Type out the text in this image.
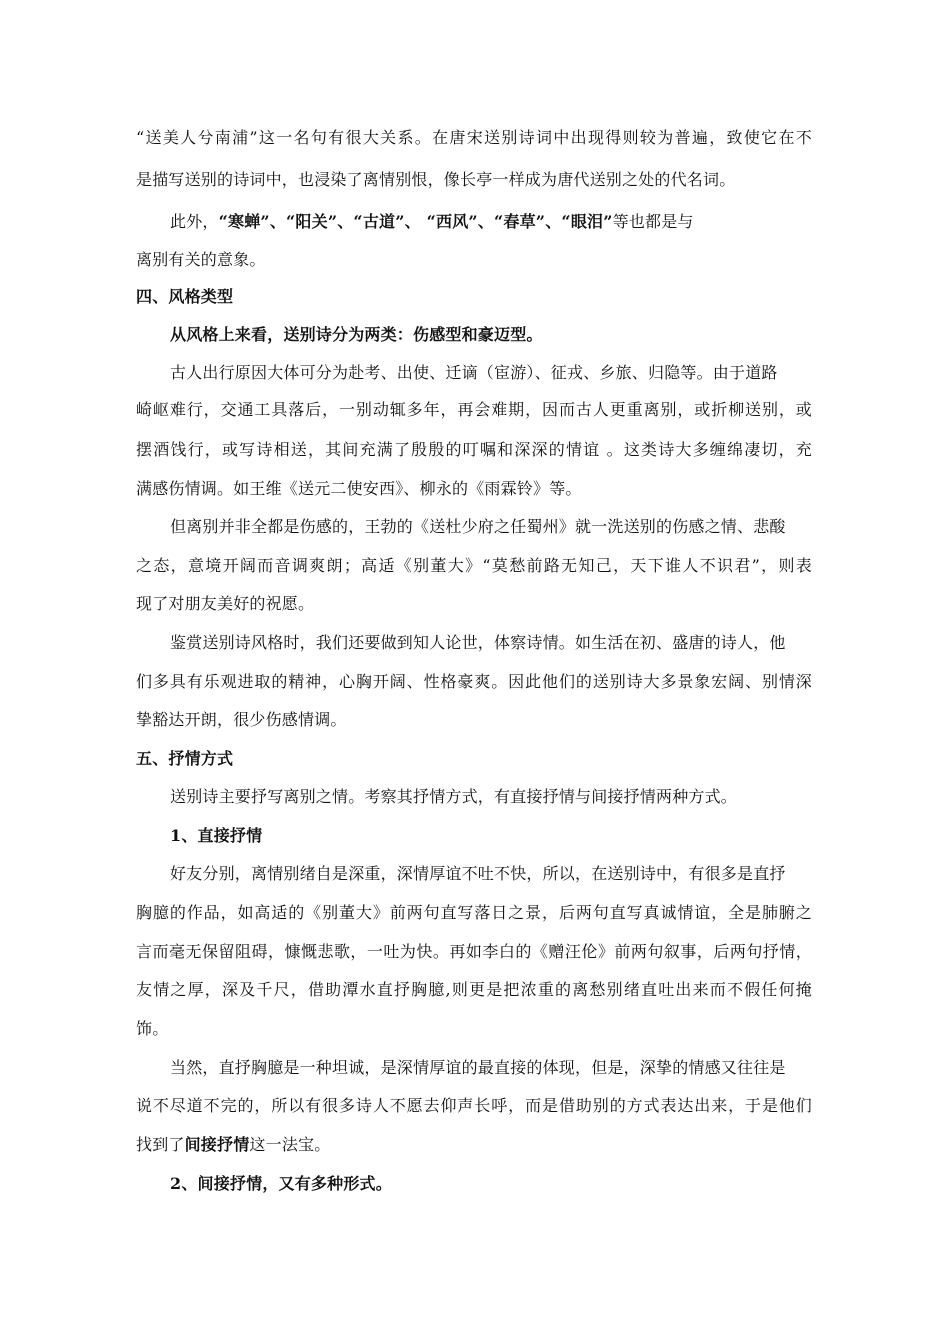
“送美人兮南浦”这一名句有很大关系。在唐宋送别诗词中出现得则较为普遍，致使它在不
是描写送别的诗词中，也浸染了离情别恨，像长亭一样成为唐代送别之处的代名词。
此外，“寒蝉”、“阳关”、“古道”、 “西风”、“春草”、“眼泪”等也都是与
离别有关的意象。
四、风格类型
从风格上来看，送别诗分为两类：伤感型和豪迈型。
古人出行原因大体可分为赴考、出使、迁谪（宦游）、征戎、乡旅、归隐等。由于道路
崎岖难行，交通工具落后，一别动辄多年，再会难期，因而古人更重离别，或折柳送别，或
摆酒饯行，或写诗相送，其间充满了殷殷的叮嘱和深深的情谊 。这类诗大多缠绵凄切，充
满感伤情调。如王维《送元二使安西》、柳永的《雨霖铃》等。
但离别并非全都是伤感的，王勃的《送杜少府之任蜀州》就一洗送别的伤感之情、悲酸
之态，意境开阔而音调爽朗；高适《别董大》“莫愁前路无知己，天下谁人不识君”，则表
现了对朋友美好的祝愿。
鉴赏送别诗风格时，我们还要做到知人论世，体察诗情。如生活在初、盛唐的诗人，他
们多具有乐观进取的精神，心胸开阔、性格豪爽。因此他们的送别诗大多景象宏阔、别情深
挚豁达开朗，很少伤感情调。
五、抒情方式
送别诗主要抒写离别之情。考察其抒情方式，有直接抒情与间接抒情两种方式。
1、直接抒情
好友分别，离情别绪自是深重，深情厚谊不吐不快，所以，在送别诗中，有很多是直抒
胸臆的作品，如高适的《别董大》前两句直写落日之景，后两句直写真诚情谊，全是肺腑之
言而毫无保留阻碍，慷慨悲歌，一吐为快。再如李白的《赠汪伦》前两句叙事，后两句抒情，
友情之厚，深及千尺，借助潭水直抒胸臆,则更是把浓重的离愁别绪直吐出来而不假任何掩
饰。
当然，直抒胸臆是一种坦诚，是深情厚谊的最直接的体现，但是，深挚的情感又往往是
说不尽道不完的，所以有很多诗人不愿去仰声长呼，而是借助别的方式表达出来，于是他们
找到了间接抒情这一法宝。
2、间接抒情，又有多种形式。
